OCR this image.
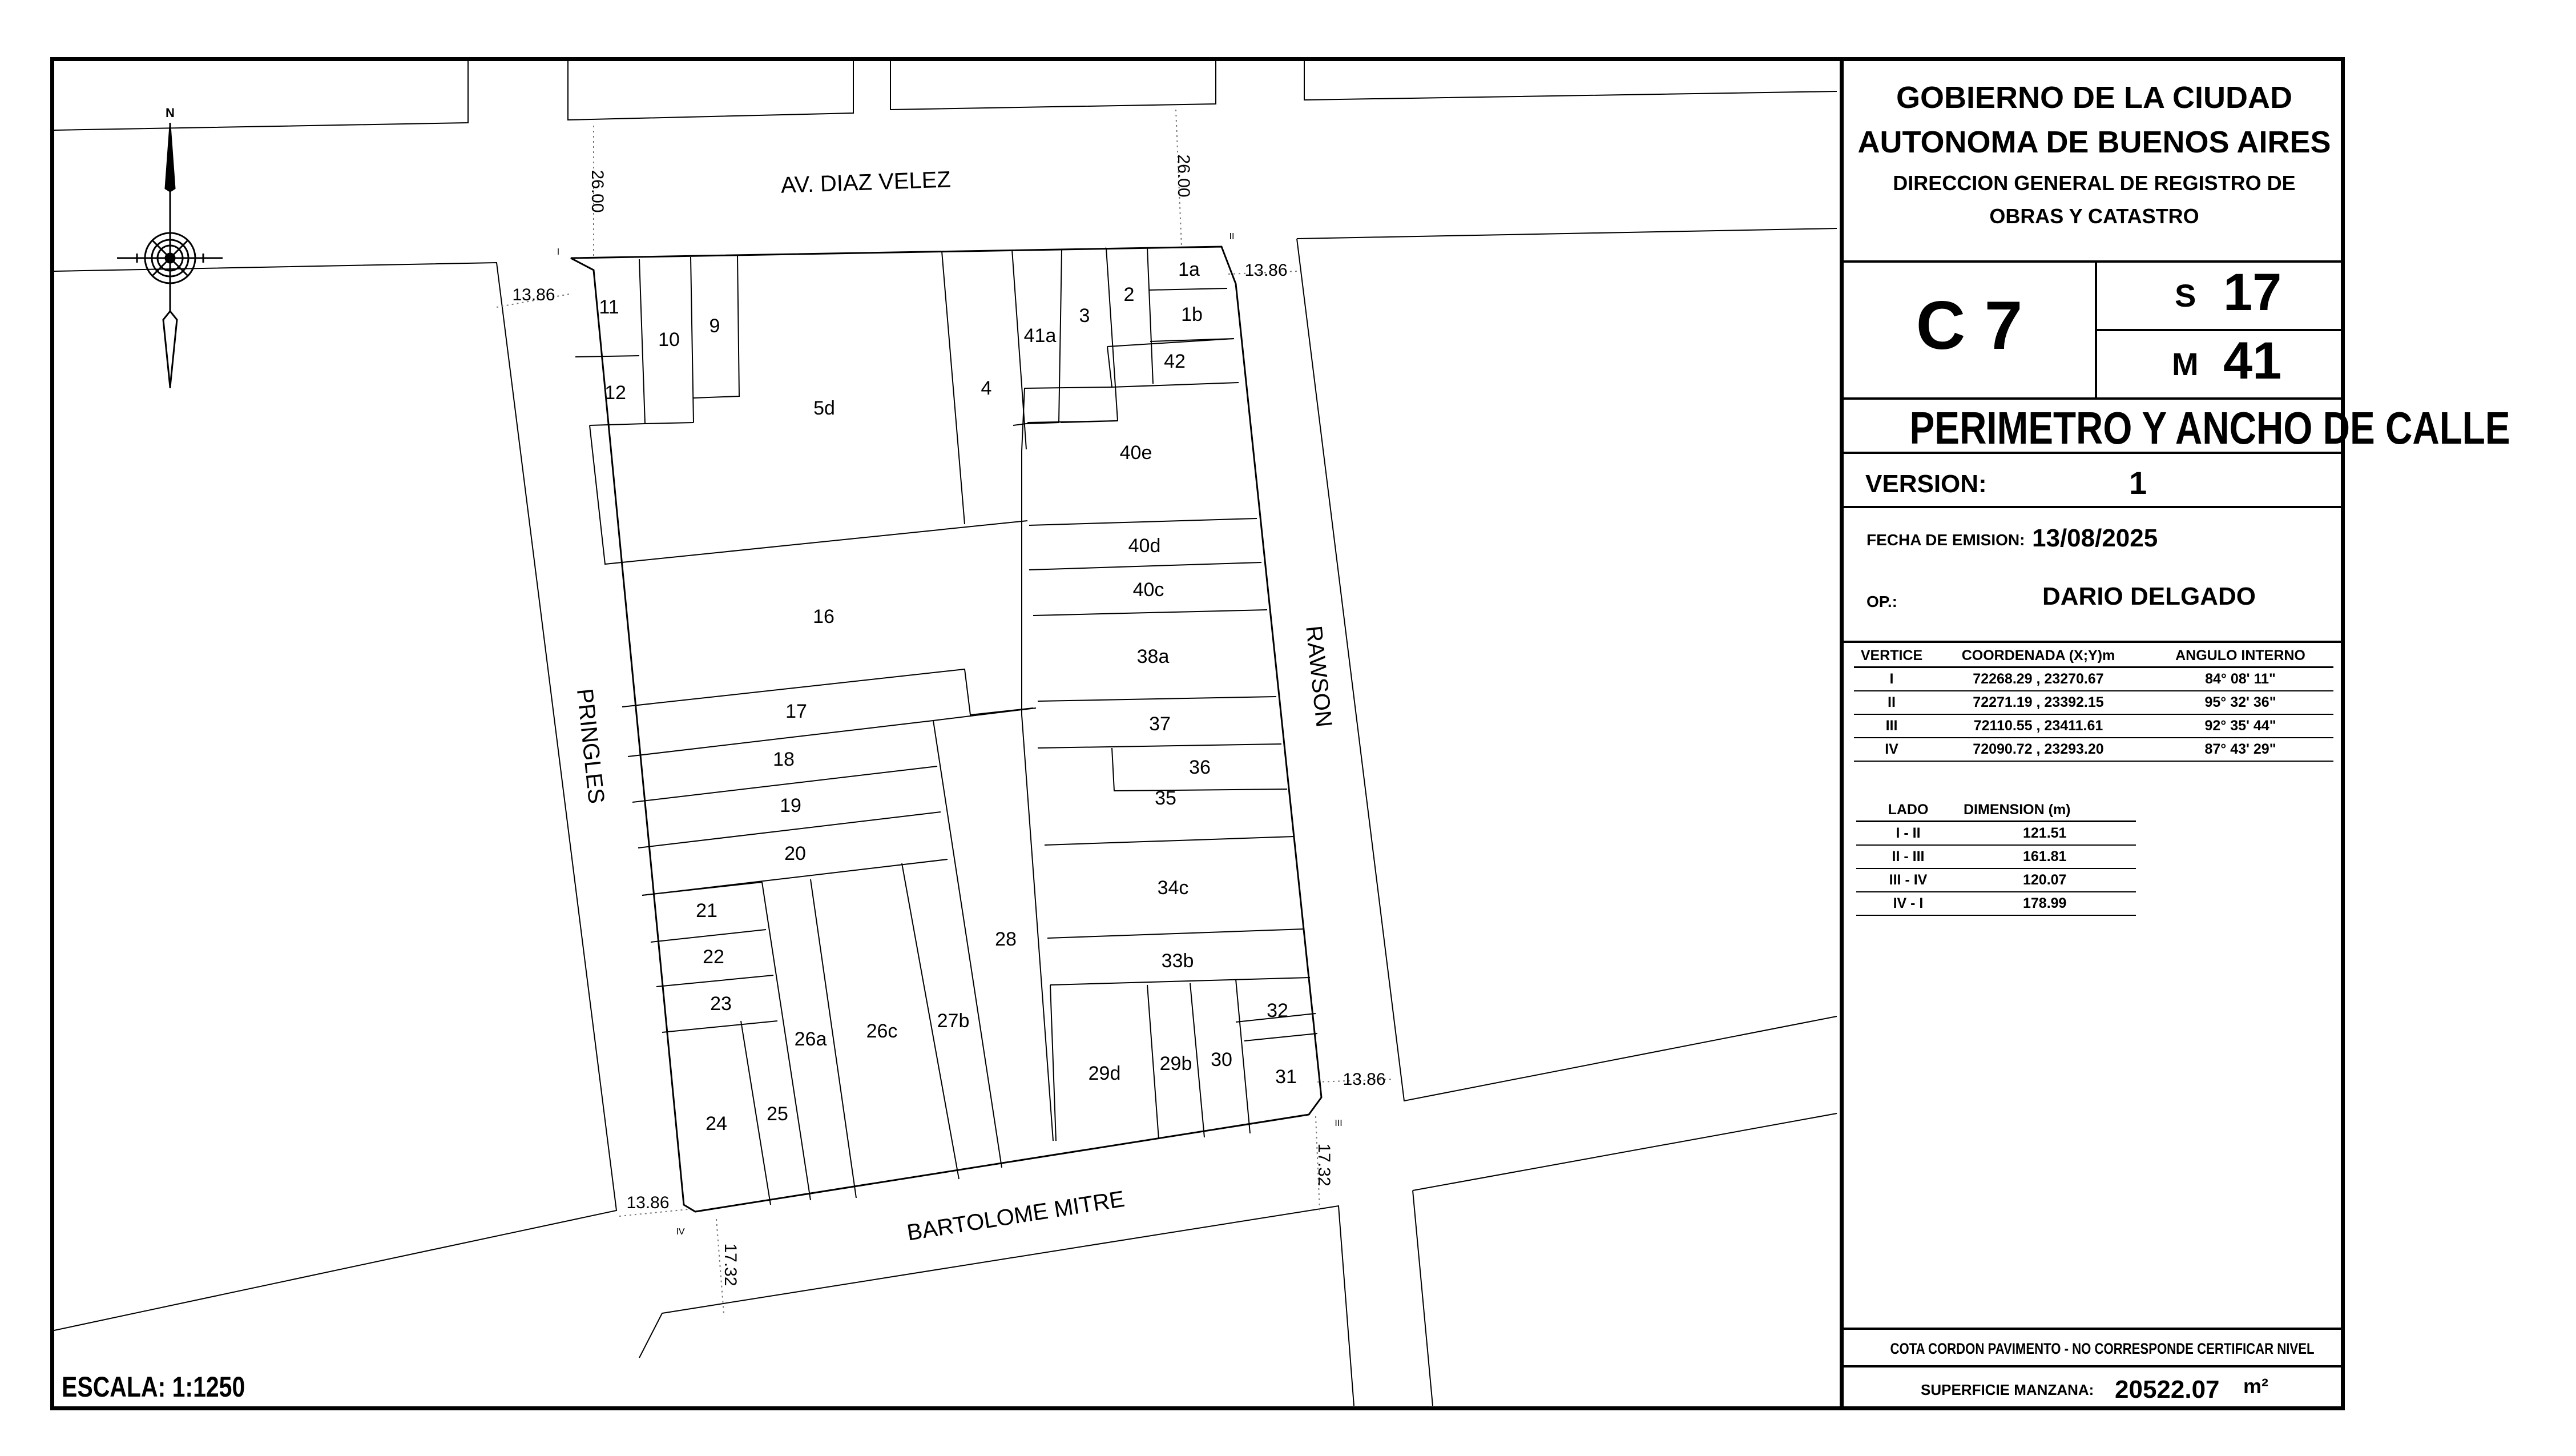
11
10
9
12
5d
4
41a
3
2
1a
1b
42
40e
40d
40c
38a
37
36
35
34c
33b
32
31
30
29b
29d
16
17
18
19
20
21
22
23
24 25
26a 26c 27b
28
AV. DIAZ VELEZ
RAWSON
BARTOLOME MITRE
PRINGLES
26.00	26.00
13.86
13.86
13.86
13.86
17.32
17.32
I
II
III
IV
N
ESCALA: 1:1250
GOBIERNO DE LA CIUDAD
AUTONOMA DE BUENOS AIRES
DIRECCION GENERAL DE REGISTRO DE
OBRAS Y CATASTRO
C 7	S 17
M 41
PERIMETRO Y ANCHO DE CALLE
VERSION:	1
FECHA DE EMISION: 13/08/2025
OP.:	DARIO DELGADO
VERTICE	COORDENADA (X;Y)m	ANGULO INTERNO
I	72268.29 , 23270.67	84° 08' 11"
II	72271.19 , 23392.15	95° 32' 36"
III	72110.55 , 23411.61	92° 35' 44"
IV	72090.72 , 23293.20	87° 43' 29"
LADO	DIMENSION (m)
I - II	121.51
II - III	161.81
III - IV	120.07
IV - I	178.99
COTA CORDON PAVIMENTO - NO CORRESPONDE CERTIFICAR NIVEL
SUPERFICIE MANZANA: 20522.07 m²
